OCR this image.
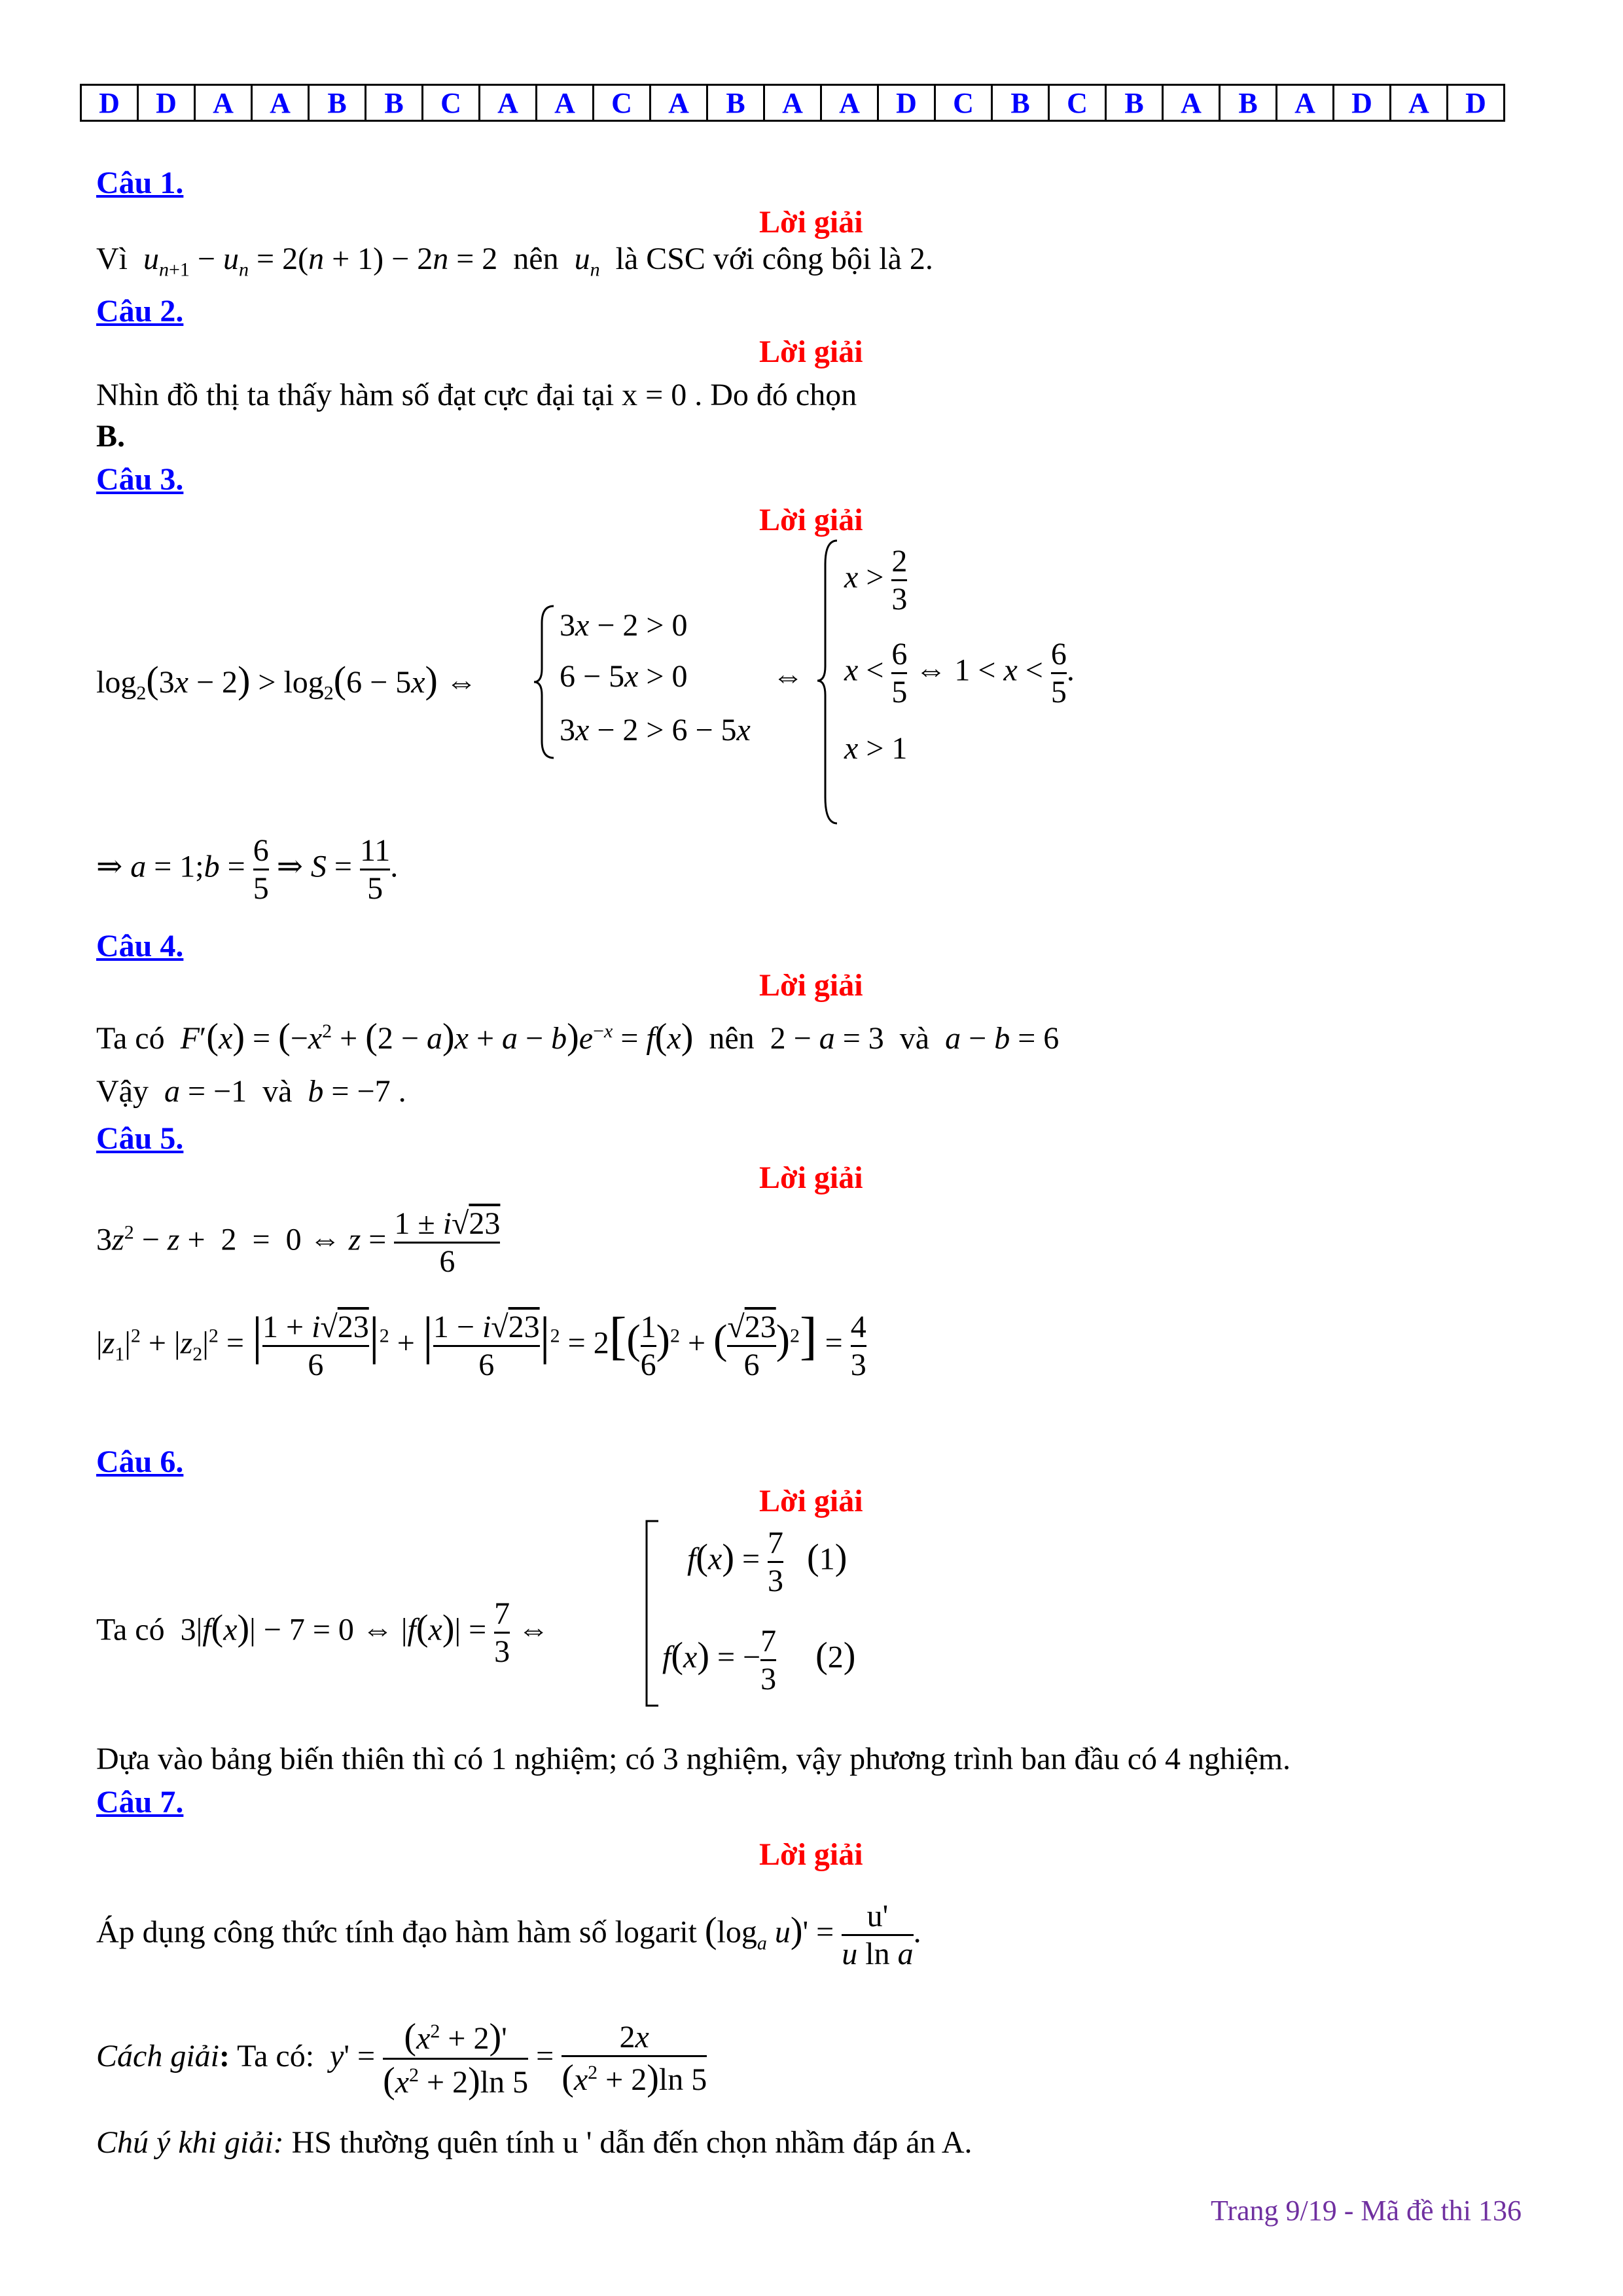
D	D	A	A	B	B	C	A	A	C	A	B	A	A	D	C	B	C	B	A	B	A	D	A	D
Câu 1.
Lời giải
Vì  $u_{n+1} - u_n = 2(n + 1) - 2n = 2$  nên  $u_n$  là CSC với công bội là 2.
Câu 2.
Lời giải
Nhìn đồ thị ta thấy hàm số đạt cực đại tại x = 0 . Do đó chọn
B.
Câu 3.
Lời giải
$\log_2(3x - 2) > \log_2(6 - 5x)$ ⇔
3x − 2 > 0
6 − 5x > 0
3x − 2 > 6 − 5x
⇔
$x > \frac{2}{3}$
$x < \frac{6}{5}$ ⇔ $1 < x < \frac{6}{5}$ .
x > 1
⇒ a = 1;b = $\frac{6}{5}$ ⇒ $S = \frac{11}{5}$ .
Câu 4.
Lời giải
Ta có  $F'(x) = (-x^2 + (2 - a)x + a - b)e^{-x} = f(x)$  nên  2 − a = 3  và  a − b = 6
Vậy  a = −1  và  b = −7 .
Câu 5.
Lời giải
$3z^2 - z + 2 = 0$ ⇔ $z = \frac{1 \pm i√23}{6}$
$|z_1|^2 + |z_2|^2$ = | $\frac{1 + i√23}{6} |^2$ + | $\frac{1 - i√23}{6} |^2 = 2[( \frac{1}{6} )^2$ + ( $\frac{√23}{6} )^2] = \frac{4}{3}$
Câu 6.
Lời giải
Ta có  3|f(x)| − 7 = 0 ⇔ $|f(x)| = \frac{7}{3}$ ⇔
$f(x) = \frac{7}{3} (1)$
f(x) = − $\frac{7}{3} (2)$
Dựa vào bảng biến thiên thì có 1 nghiệm; có 3 nghiệm, vậy phương trình ban đầu có 4 nghiệm.
Câu 7.
Lời giải
Áp dụng công thức tính đạo hàm hàm số logarit ($\log_a$ $u)' = \frac{u'}{\text{u ln a}}$ .
Cách giải: Ta có:  $y' = \frac{(x^2 + 2)'}{(x^2 + 2)\ln 5} = \frac{2x}{(x^2 + 2)\ln 5}$
Chú ý khi giải: HS thường quên tính u ' dẫn đến chọn nhầm đáp án A.
Trang 9/19 - Mã đề thi 136
